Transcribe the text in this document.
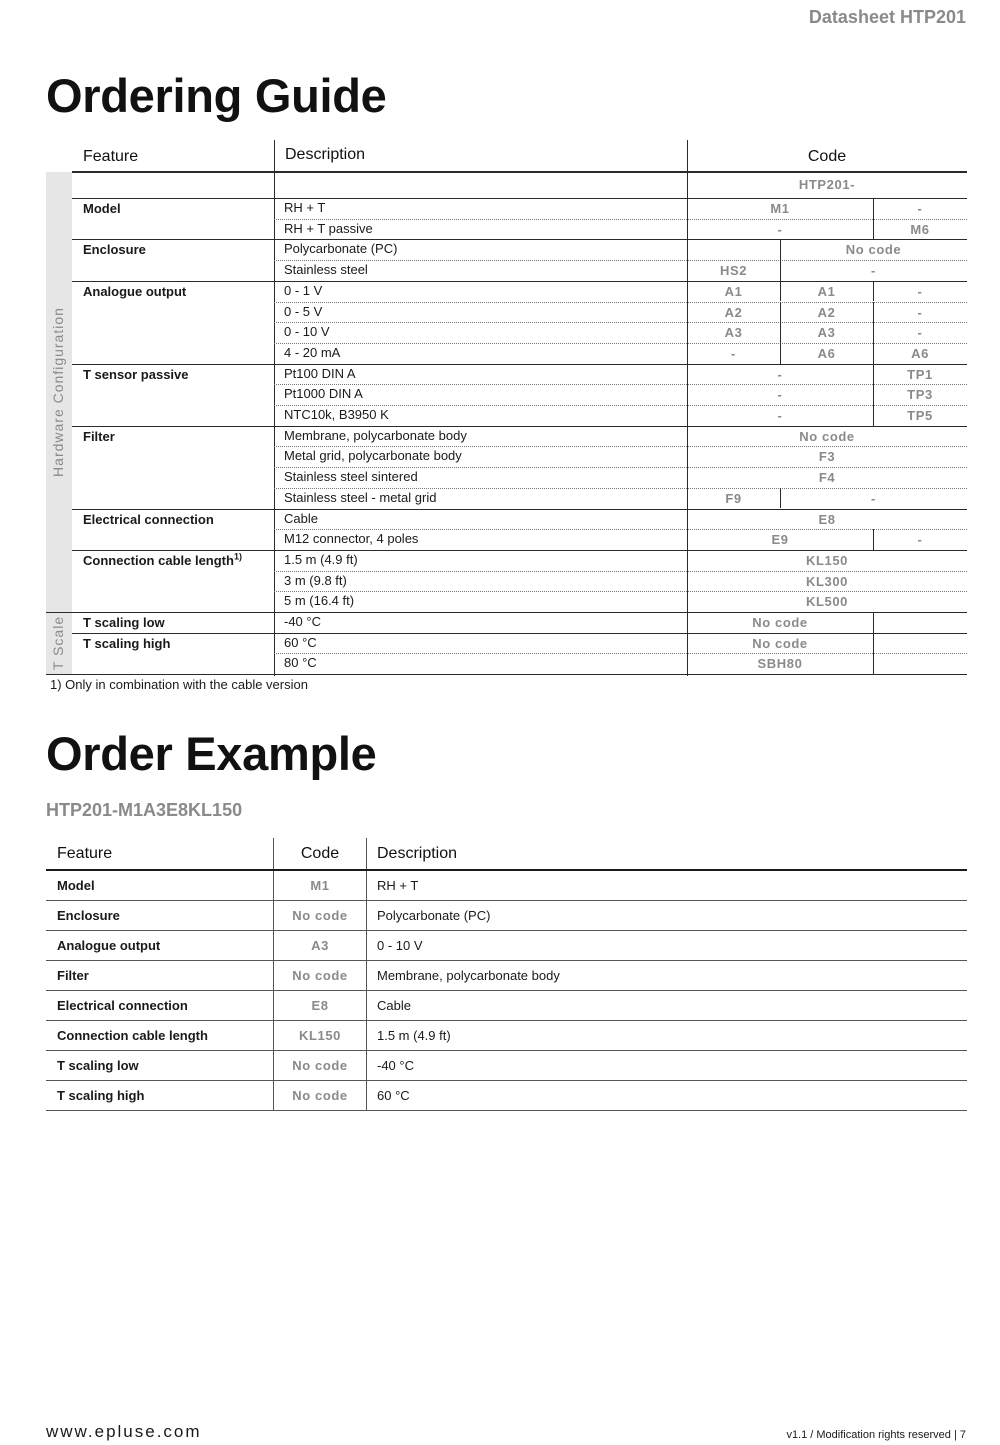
Datasheet HTP201
Ordering Guide
Feature	Description	Code
HTP201-
Model	RH + T	M1	-
RH + T passive	-	M6
Enclosure	Polycarbonate (PC)	No code
Stainless steel	HS2	-
Analogue output	0 - 1 V	A1	A1	-
0 - 5 V	A2	A2	-
0 - 10 V	A3	A3	-
4 - 20 mA	-	A6	A6
T sensor passive	Pt100 DIN A	-	TP1
Pt1000 DIN A	-	TP3
NTC10k, B3950 K	-	TP5
Filter	Membrane, polycarbonate body	No code
Metal grid, polycarbonate body	F3
Stainless steel sintered	F4
Stainless steel - metal grid	F9	-
Electrical connection	Cable	E8
M12 connector, 4 poles	E9	-
Connection cable length$^{1)}$	1.5 m (4.9 ft)	KL150
3 m (9.8 ft)	KL300
5 m (16.4 ft)	KL500
T scaling low	-40 °C	No code
T scaling high	60 °C	No code
80 °C	SBH80
Hardware Configuration
T Scale
1) Only in combination with the cable version
Order Example
HTP201-M1A3E8KL150
Feature	Code	Description
Model	M1	RH + T
Enclosure	No code	Polycarbonate (PC)
Analogue output	A3	0 - 10 V
Filter	No code	Membrane, polycarbonate body
Electrical connection	E8	Cable
Connection cable length	KL150	1.5 m (4.9 ft)
T scaling low	No code	-40 °C
T scaling high	No code	60 °C
www.epluse.com	v1.1 / Modification rights reserved | 7
